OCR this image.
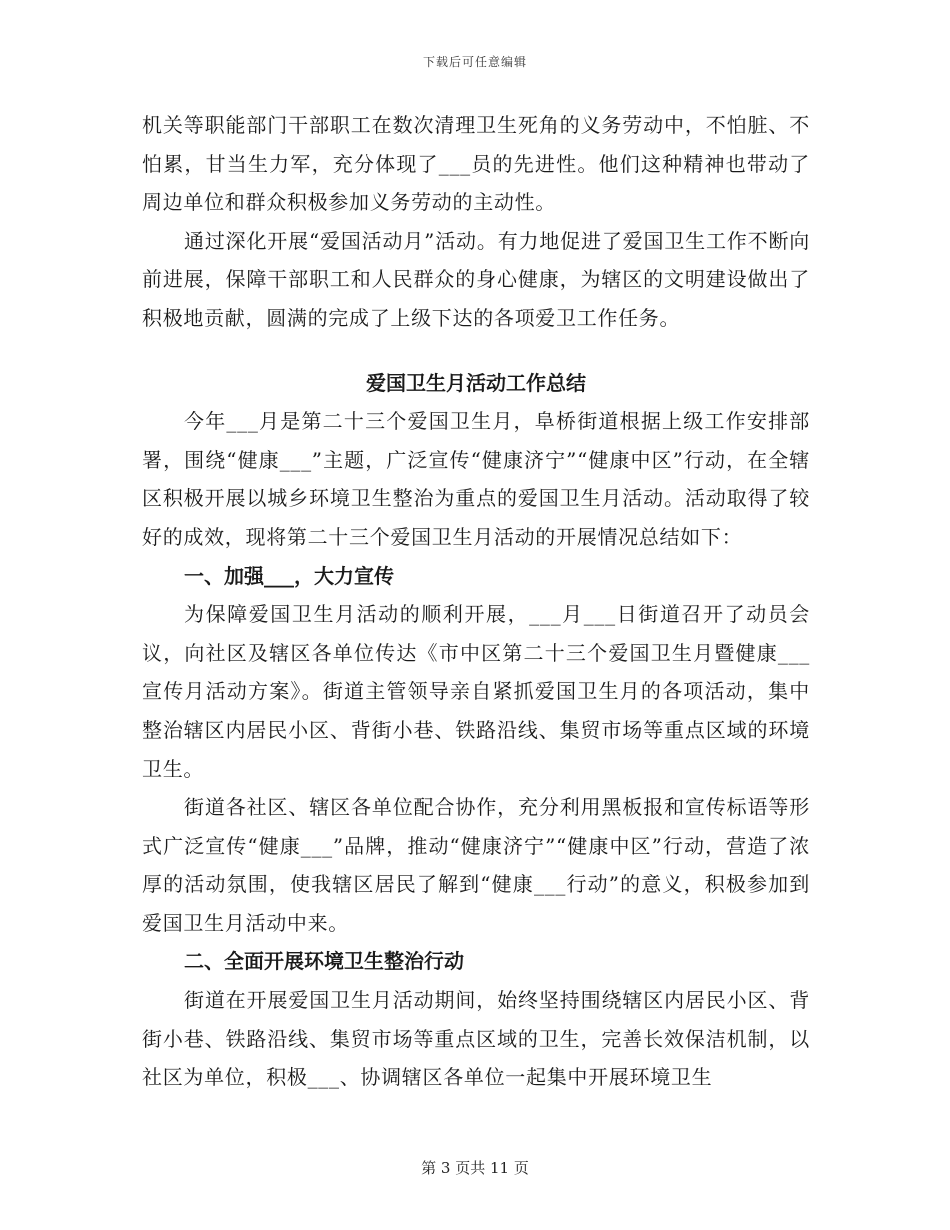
下载后可任意编辑

机关等职能部门干部职工在数次清理卫生死角的义务劳动中，不怕脏、不怕累，甘当生力军，充分体现了___员的先进性。他们这种精神也带动了周边单位和群众积极参加义务劳动的主动性。

通过深化开展“爱国活动月”活动。有力地促进了爱国卫生工作不断向前进展，保障干部职工和人民群众的身心健康，为辖区的文明建设做出了积极地贡献，圆满的完成了上级下达的各项爱卫工作任务。

爱国卫生月活动工作总结

今年___月是第二十三个爱国卫生月，阜桥街道根据上级工作安排部署，围绕“健康___”主题，广泛宣传“健康济宁”“健康中区”行动，在全辖区积极开展以城乡环境卫生整治为重点的爱国卫生月活动。活动取得了较好的成效，现将第二十三个爱国卫生月活动的开展情况总结如下：

一、加强___，大力宣传

为保障爱国卫生月活动的顺利开展，___月___日街道召开了动员会议，向社区及辖区各单位传达《市中区第二十三个爱国卫生月暨健康___宣传月活动方案》。街道主管领导亲自紧抓爱国卫生月的各项活动，集中整治辖区内居民小区、背街小巷、铁路沿线、集贸市场等重点区域的环境卫生。

街道各社区、辖区各单位配合协作，充分利用黑板报和宣传标语等形式广泛宣传“健康___”品牌，推动“健康济宁”“健康中区”行动，营造了浓厚的活动氛围，使我辖区居民了解到“健康___行动”的意义，积极参加到爱国卫生月活动中来。

二、全面开展环境卫生整治行动

街道在开展爱国卫生月活动期间，始终坚持围绕辖区内居民小区、背街小巷、铁路沿线、集贸市场等重点区域的卫生，完善长效保洁机制，以社区为单位，积极___、协调辖区各单位一起集中开展环境卫生

第 3 页共 11 页
